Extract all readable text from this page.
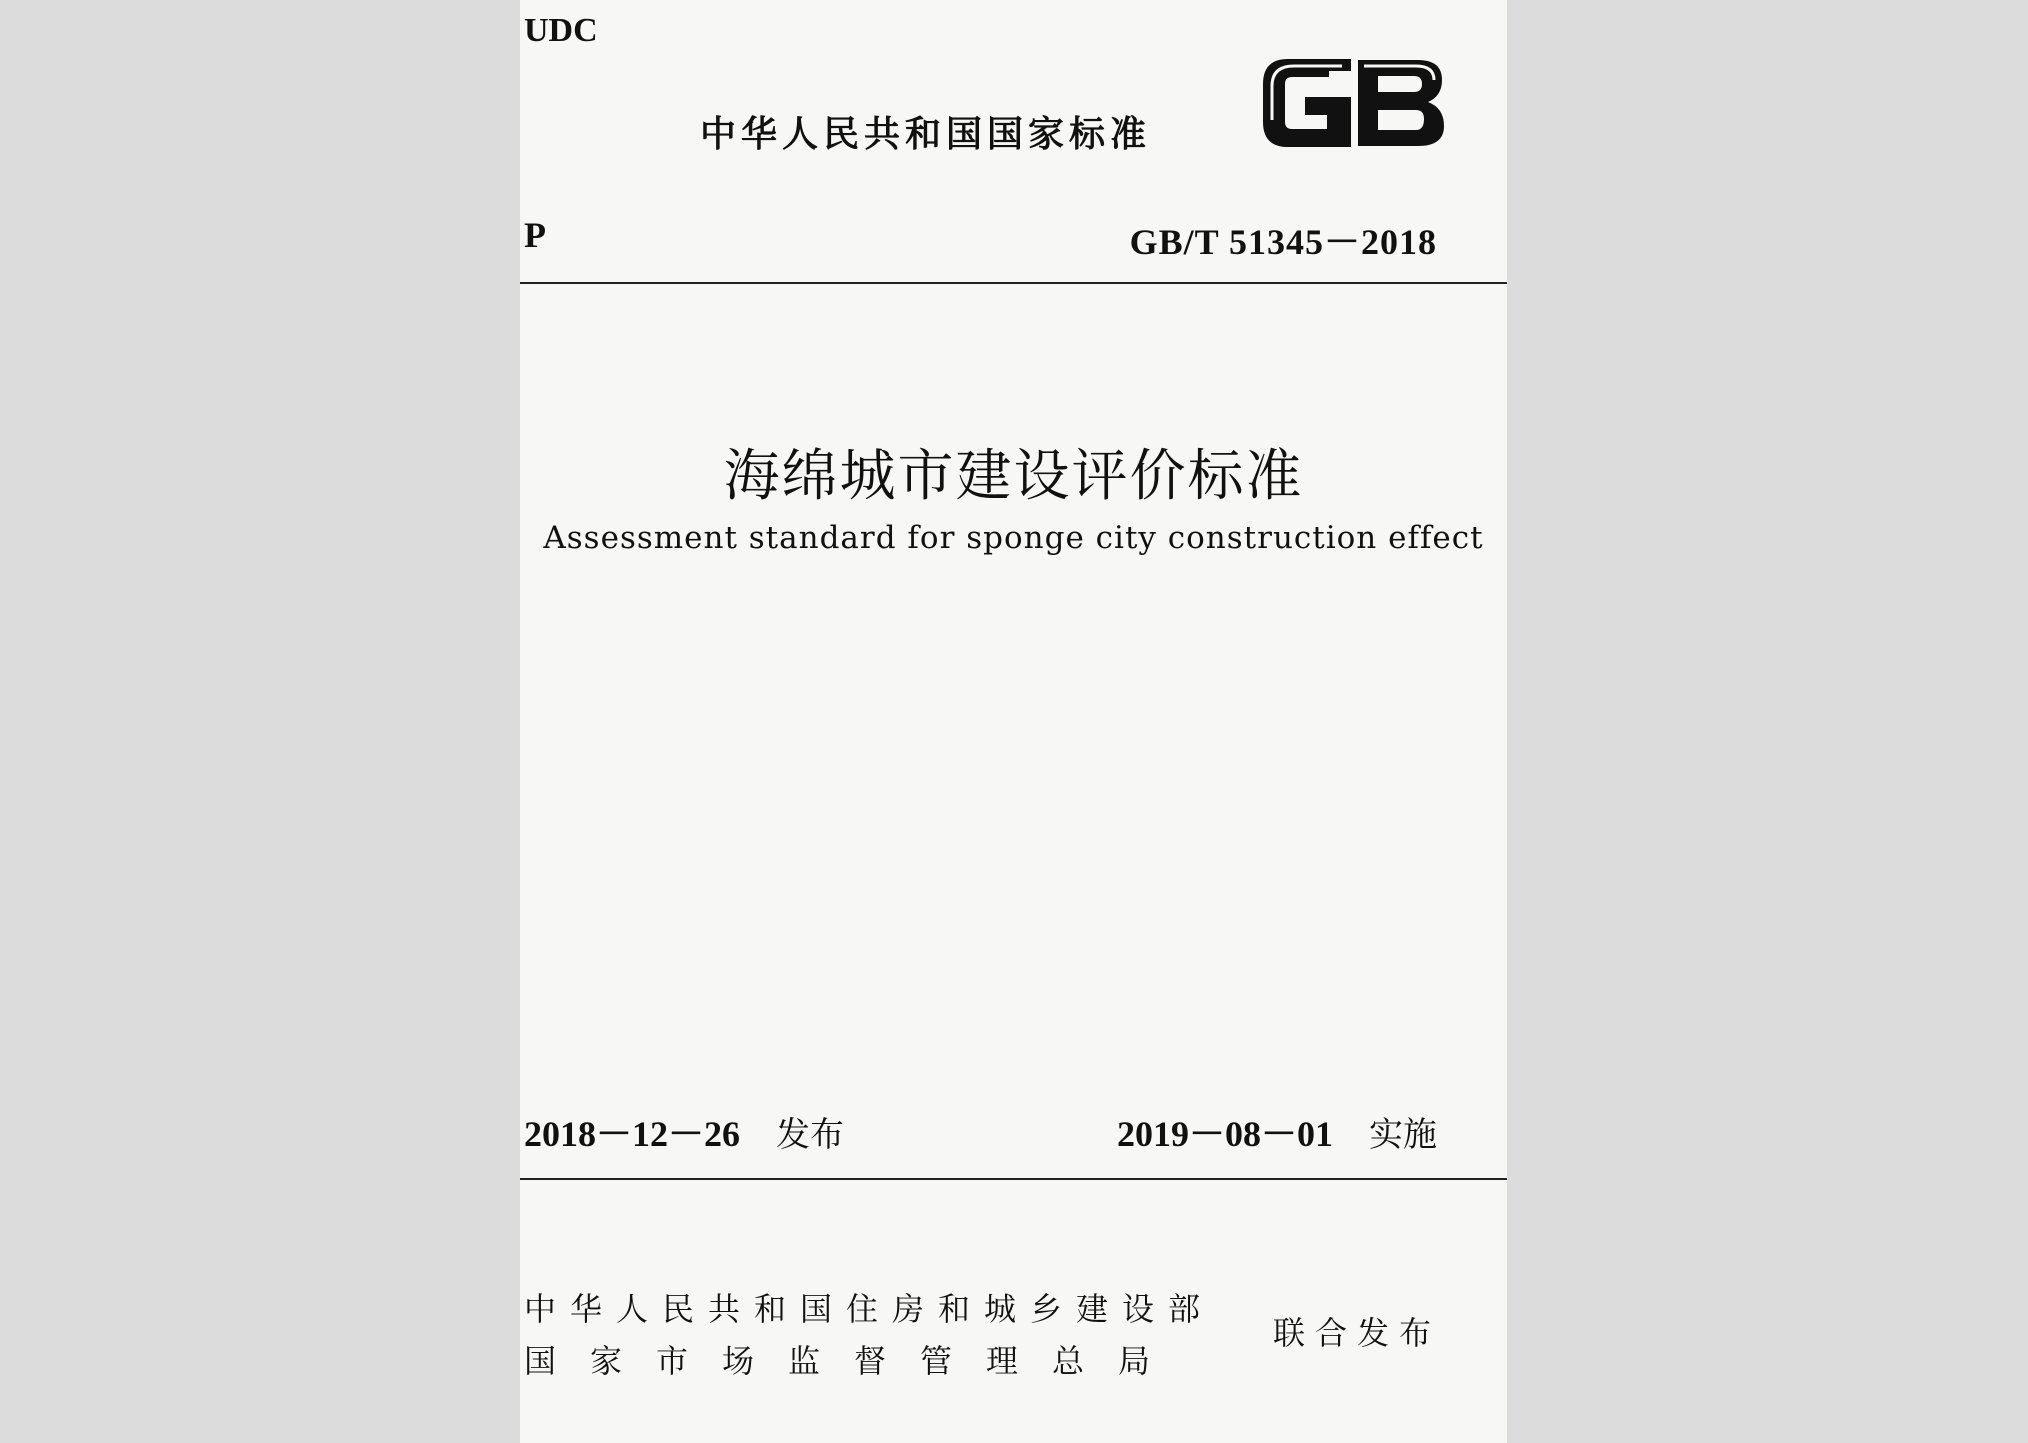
UDC
中华人民共和国国家标准
P	GB/T 51345－2018
海绵城市建设评价标准
Assessment standard for sponge city construction effect
2018－12－26 发布	2019－08－01 实施
中华人民共和国住房和城乡建设部
国家市场监督管理总局
联合发布
